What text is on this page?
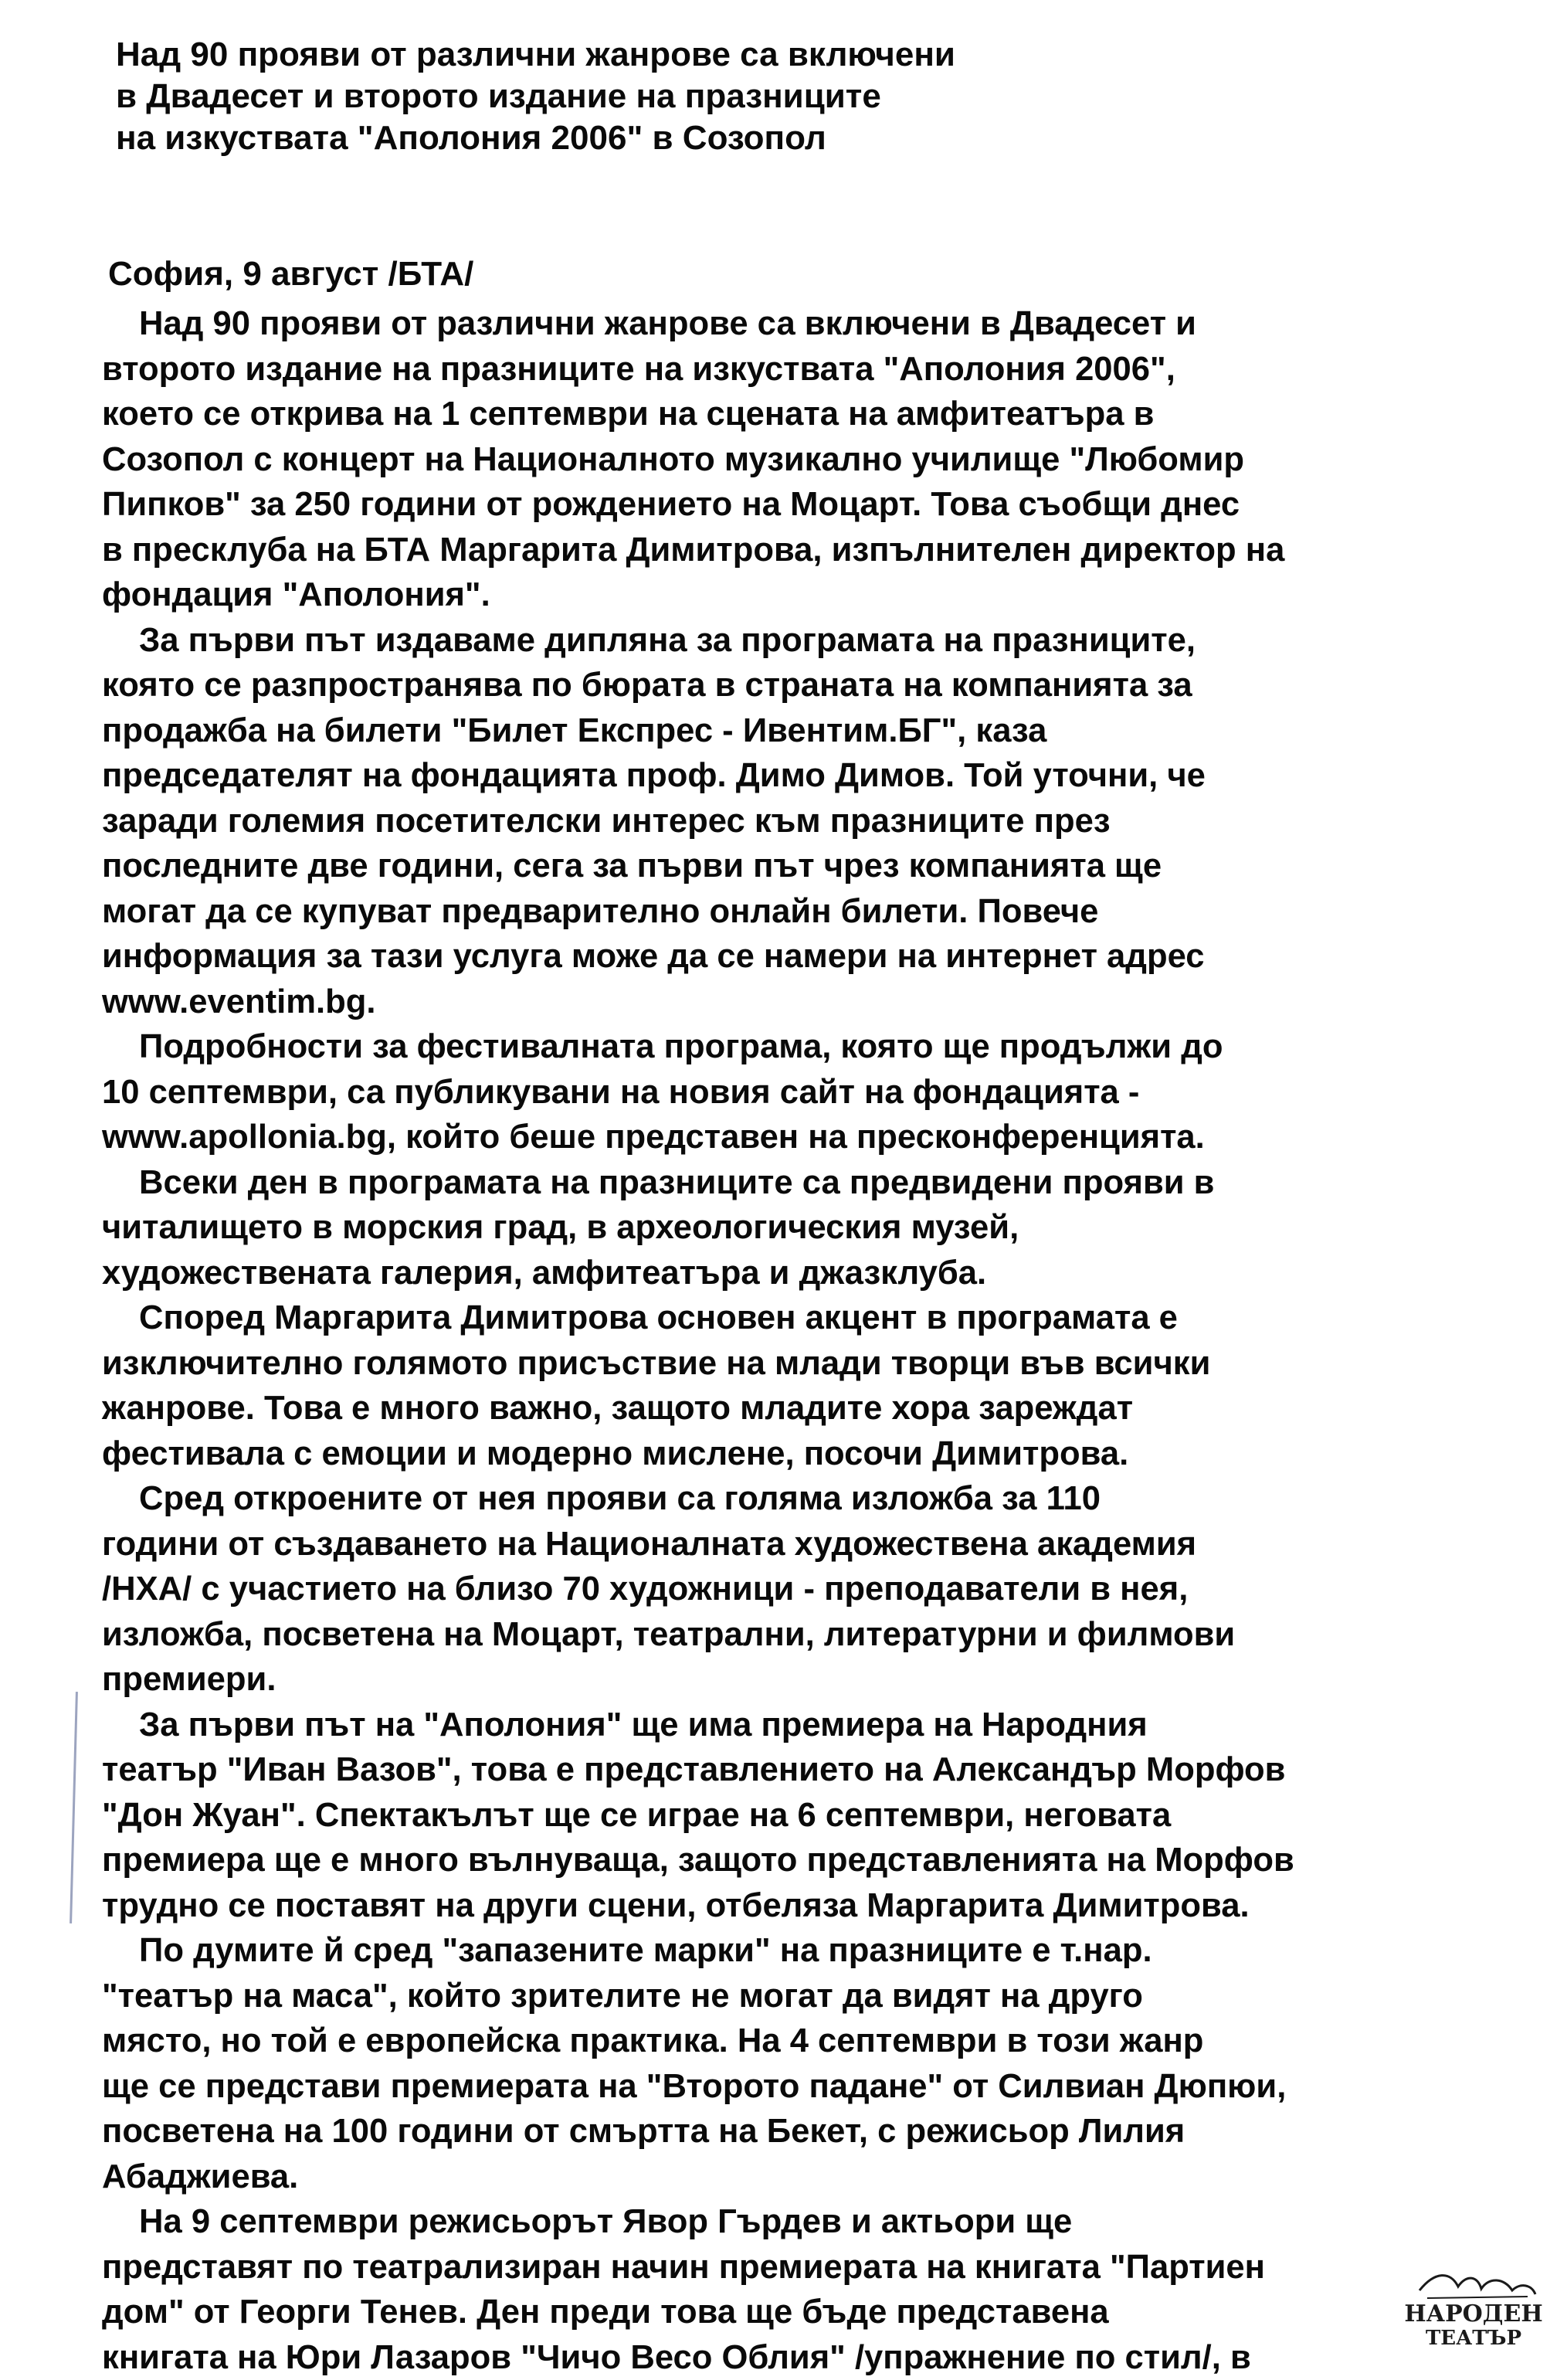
Над 90 прояви от различни жанрове са включени
в Двадесет и второто издание на празниците
на изкуствата "Аполония 2006" в Созопол
София, 9 август /БТА/
Над 90 прояви от различни жанрове са включени в Двадесет и
второто издание на празниците на изкуствата "Аполония 2006",
което се открива на 1 септември на сцената на амфитеатъра в
Созопол с концерт на Националното музикално училище "Любомир
Пипков" за 250 години от рождението на Моцарт. Това съобщи днес
в пресклуба на БТА Маргарита Димитрова, изпълнителен директор на
фондация "Аполония".
За първи път издаваме дипляна за програмата на празниците,
която се разпространява по бюрата в страната на компанията за
продажба на билети "Билет Експрес - Ивентим.БГ", каза
председателят на фондацията проф. Димо Димов. Той уточни, че
заради големия посетителски интерес към празниците през
последните две години, сега за първи път чрез компанията ще
могат да се купуват предварително онлайн билети. Повече
информация за тази услуга може да се намери на интернет адрес
www.eventim.bg.
Подробности за фестивалната програма, която ще продължи до
10 септември, са публикувани на новия сайт на фондацията -
www.apollonia.bg, който беше представен на пресконференцията.
Всеки ден в програмата на празниците са предвидени прояви в
читалището в морския град, в археологическия музей,
художествената галерия, амфитеатъра и джазклуба.
Според Маргарита Димитрова основен акцент в програмата е
изключително голямото присъствие на млади творци във всички
жанрове. Това е много важно, защото младите хора зареждат
фестивала с емоции и модерно мислене, посочи Димитрова.
Сред откроените от нея прояви са голяма изложба за 110
години от създаването на Националната художествена академия
/НХА/ с участието на близо 70 художници - преподаватели в нея,
изложба, посветена на Моцарт, театрални, литературни и филмови
премиери.
За първи път на "Аполония" ще има премиера на Народния
театър "Иван Вазов", това е представлението на Александър Морфов
"Дон Жуан". Спектакълът ще се играе на 6 септември, неговата
премиера ще е много вълнуваща, защото представленията на Морфов
трудно се поставят на други сцени, отбеляза Маргарита Димитрова.
По думите й сред "запазените марки" на празниците е т.нар.
"театър на маса", който зрителите не могат да видят на друго
място, но той е европейска практика. На 4 септември в този жанр
ще се представи премиерата на "Второто падане" от Силвиан Дюпюи,
посветена на 100 години от смъртта на Бекет, с режисьор Лилия
Абаджиева.
На 9 септември режисьорът Явор Гърдев и актьори ще
представят по театрализиран начин премиерата на книгата "Партиен
дом" от Георги Тенев. Ден преди това ще бъде представена
книгата на Юри Лазаров "Чичо Весо Облия" /упражнение по стил/, в
НАРОДЕН
ТЕАТЪР
